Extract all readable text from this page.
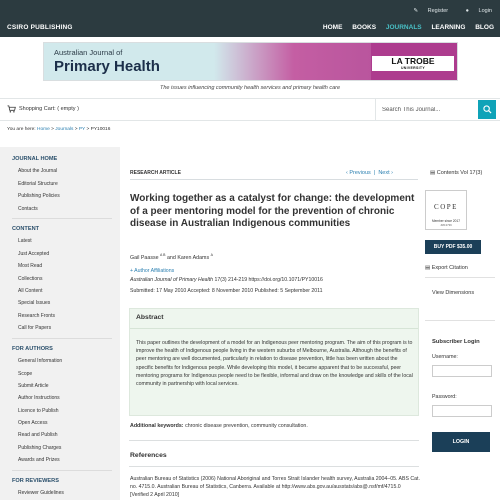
CSIRO PUBLISHING
✎ Register	● Login
HOME BOOKS JOURNALS LEARNING BLOG
Australian Journal of
Primary Health	LA TROBE
UNIVERSITY
The issues influencing community health services and primary health care
Shopping Cart: ( empty )
Search This Journal...
You are here: Home > Journals > PY > PY10016
JOURNAL HOME
About the Journal
Editorial Structure
Publishing Policies
Contacts
CONTENT
Latest
Just Accepted
Most Read
Collections
All Content
Special Issues
Research Fronts
Call for Papers
FOR AUTHORS
General Information
Scope
Submit Article
Author Instructions
Licence to Publish
Open Access
Read and Publish
Publishing Charges
Awards and Prizes
FOR REVIEWERS
Reviewer Guidelines
RESEARCH ARTICLE	‹ Previous  |  Next ›
Working together as a catalyst for change: the development of a peer mentoring model for the prevention of chronic disease in Australian Indigenous communities
Gail Paasse $^{A B}$ and Karen Adams $^A$
+ Author Affiliations
Australian Journal of Primary Health 17(3) 214-219 https://doi.org/10.1071/PY10016
Submitted: 17 May 2010 Accepted: 8 November 2010 Published: 5 September 2011
Abstract
This paper outlines the development of a model for an Indigenous peer mentoring program. The aim of this program is to improve the health of Indigenous people living in the western suburbs of Melbourne, Australia. Although the benefits of peer mentoring are well documented, particularly in relation to disease prevention, little has been written about the specific benefits for Indigenous people. While developing this model, it became apparent that to be successful, peer mentoring programs for Indigenous people need to be flexible, informal and draw on the knowledge and skills of the local community in partnership with local services.
Additional keywords: chronic disease prevention, community consultation.
References
Australian Bureau of Statistics (2006) National Aboriginal and Torres Strait Islander health survey, Australia 2004–05. ABS Cat. no. 4715.0. Australian Bureau of Statistics, Canberra. Available at http://www.abs.gov.au/ausstats/abs@.nsf/mf/4715.0 [Verified 2 April 2010]
▤ Contents Vol 17(3)
COPE
Member since 2017
JM13739
BUY PDF $35.00
▤ Export Citation
View Dimensions
Subscriber Login
Username:
Password:
LOGIN
